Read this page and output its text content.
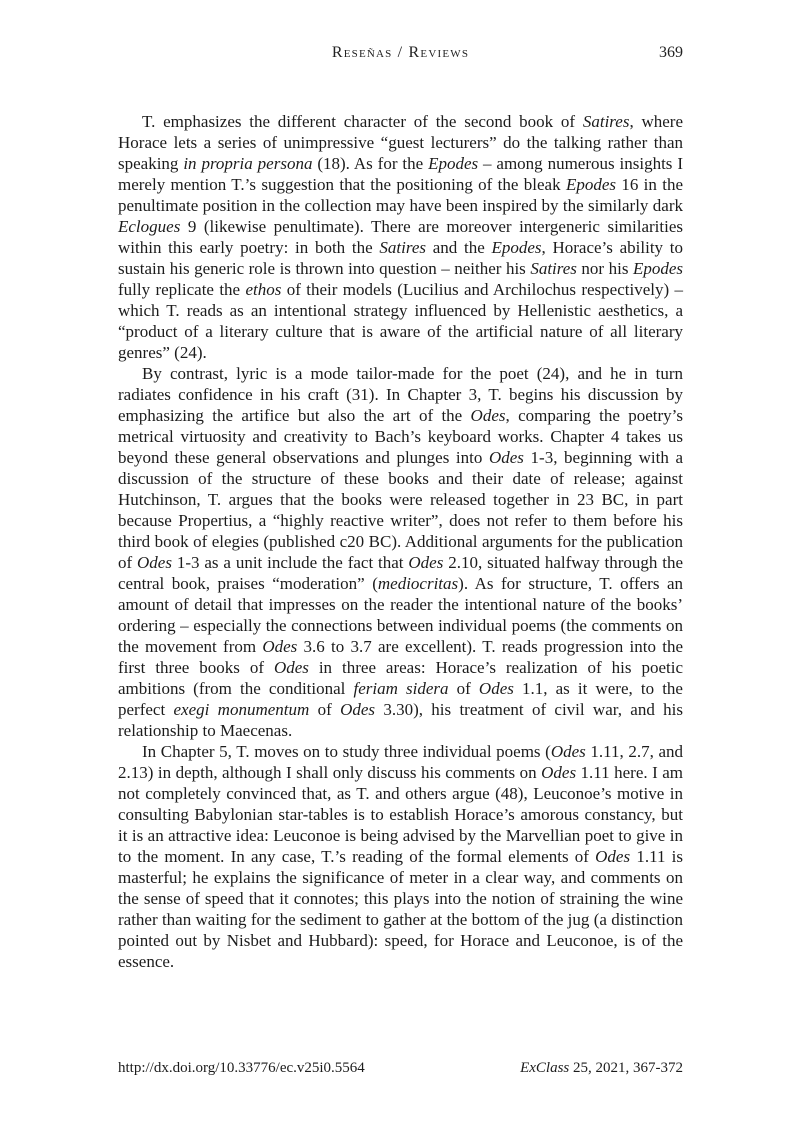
Reseñas / Reviews	369

T. emphasizes the different character of the second book of Satires, where Horace lets a series of unimpressive “guest lecturers” do the talking rather than speaking in propria persona (18). As for the Epodes – among numerous insights I merely mention T.’s suggestion that the positioning of the bleak Epodes 16 in the penultimate position in the collection may have been inspired by the similarly dark Eclogues 9 (likewise penultimate). There are moreover intergeneric similarities within this early poetry: in both the Satires and the Epodes, Horace’s ability to sustain his generic role is thrown into question – neither his Satires nor his Epodes fully replicate the ethos of their models (Lucilius and Archilochus respectively) – which T. reads as an intentional strategy influenced by Hellenistic aesthetics, a “product of a literary culture that is aware of the artificial nature of all literary genres” (24).

By contrast, lyric is a mode tailor-made for the poet (24), and he in turn radiates confidence in his craft (31). In Chapter 3, T. begins his discussion by emphasizing the artifice but also the art of the Odes, comparing the poetry’s metrical virtuosity and creativity to Bach’s keyboard works. Chapter 4 takes us beyond these general observations and plunges into Odes 1-3, beginning with a discussion of the structure of these books and their date of release; against Hutchinson, T. argues that the books were released together in 23 BC, in part because Propertius, a “highly reactive writer”, does not refer to them before his third book of elegies (published c20 BC). Additional arguments for the publication of Odes 1-3 as a unit include the fact that Odes 2.10, situated halfway through the central book, praises “moderation” (mediocritas). As for structure, T. offers an amount of detail that impresses on the reader the intentional nature of the books’ ordering – especially the connections between individual poems (the comments on the movement from Odes 3.6 to 3.7 are excellent). T. reads progression into the first three books of Odes in three areas: Horace’s realization of his poetic ambitions (from the conditional feriam sidera of Odes 1.1, as it were, to the perfect exegi monumentum of Odes 3.30), his treatment of civil war, and his relationship to Maecenas.

In Chapter 5, T. moves on to study three individual poems (Odes 1.11, 2.7, and 2.13) in depth, although I shall only discuss his comments on Odes 1.11 here. I am not completely convinced that, as T. and others argue (48), Leuconoe’s motive in consulting Babylonian star-tables is to establish Horace’s amorous constancy, but it is an attractive idea: Leuconoe is being advised by the Marvellian poet to give in to the moment. In any case, T.’s reading of the formal elements of Odes 1.11 is masterful; he explains the significance of meter in a clear way, and comments on the sense of speed that it connotes; this plays into the notion of straining the wine rather than waiting for the sediment to gather at the bottom of the jug (a distinction pointed out by Nisbet and Hubbard): speed, for Horace and Leuconoe, is of the essence.

http://dx.doi.org/10.33776/ec.v25i0.5564	ExClass 25, 2021, 367-372
